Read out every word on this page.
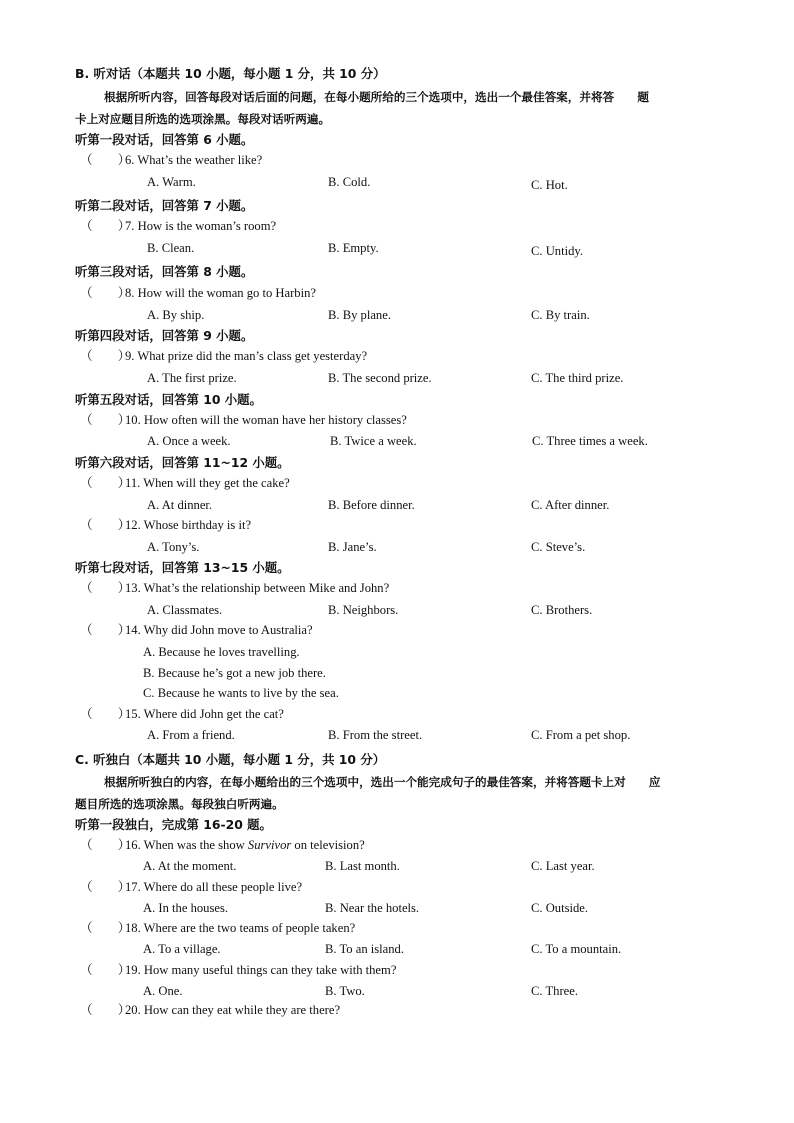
B. 听对话（本题共 10 小题，每小题 1 分，共 10 分）
根据所听内容，回答每段对话后面的问题，在每小题所给的三个选项中，选出一个最佳答案，并将答　　题
卡上对应题目所选的选项涂黑。每段对话听两遍。
听第一段对话，回答第 6 小题。
（　　）6. What’s the weather like?
A. Warm.	B. Cold.	C. Hot.
听第二段对话，回答第 7 小题。
（　　）7. How is the woman’s room?
B. Clean.	B. Empty.	C. Untidy.
听第三段对话，回答第 8 小题。
（　　）8. How will the woman go to Harbin?
A. By ship.	B. By plane.	C. By train.
听第四段对话，回答第 9 小题。
（　　）9. What prize did the man’s class get yesterday?
A. The first prize.	B. The second prize.	C. The third prize.
听第五段对话，回答第 10 小题。
（　　）10. How often will the woman have her history classes?
A. Once a week.	B. Twice a week.	C. Three times a week.
听第六段对话，回答第 11~12 小题。
（　　）11. When will they get the cake?
A. At dinner.	B. Before dinner.	C. After dinner.
（　　）12. Whose birthday is it?
A. Tony’s.	B. Jane’s.	C. Steve’s.
听第七段对话，回答第 13~15 小题。
（　　）13. What’s the relationship between Mike and John?
A. Classmates.	B. Neighbors.	C. Brothers.
（　　）14. Why did John move to Australia?
A. Because he loves travelling.
B. Because he’s got a new job there.
C. Because he wants to live by the sea.
（　　）15. Where did John get the cat?
A. From a friend.	B. From the street.	C. From a pet shop.
C. 听独白（本题共 10 小题，每小题 1 分，共 10 分）
根据所听独白的内容，在每小题给出的三个选项中，选出一个能完成句子的最佳答案，并将答题卡上对　　应
题目所选的选项涂黑。每段独白听两遍。
听第一段独白，完成第 16-20 题。
（　　）16. When was the show Survivor on television?
A. At the moment.	B. Last month.	C. Last year.
（　　）17. Where do all these people live?
A. In the houses.	B. Near the hotels.	C. Outside.
（　　）18. Where are the two teams of people taken?
A. To a village.	B. To an island.	C. To a mountain.
（　　）19. How many useful things can they take with them?
A. One.	B. Two.	C. Three.
（　　）20. How can they eat while they are there?
